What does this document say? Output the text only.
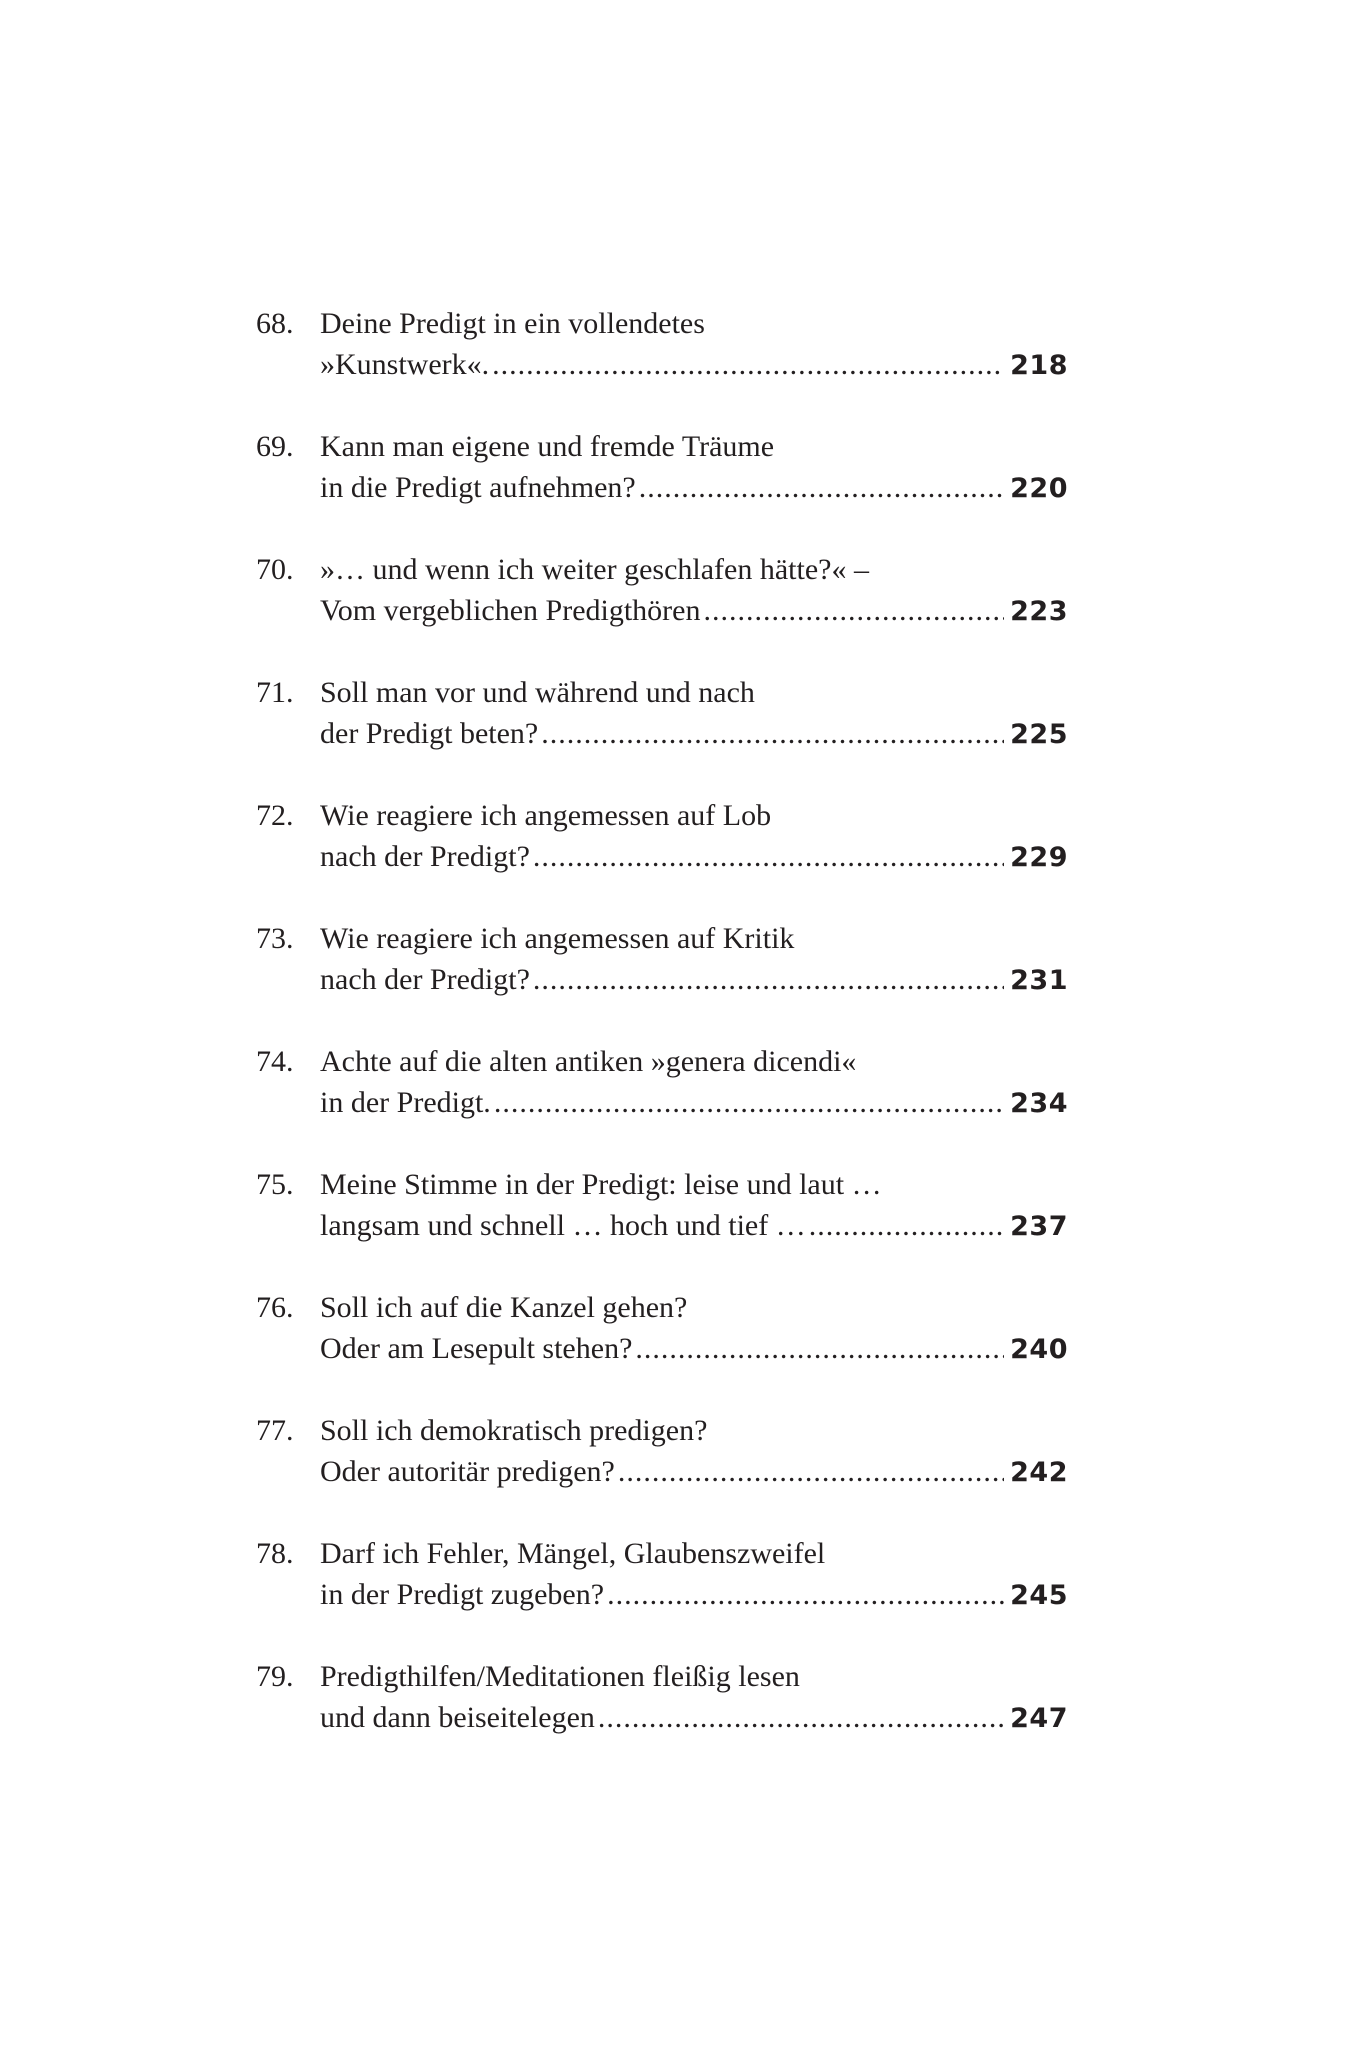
68. Deine Predigt in ein vollendetes
»Kunstwerk«. .....	218
69. Kann man eigene und fremde Träume
in die Predigt aufnehmen? .....	220
70. »… und wenn ich weiter geschlafen hätte?« –
Vom vergeblichen Predigthören .....	223
71. Soll man vor und während und nach
der Predigt beten? .....	225
72. Wie reagiere ich angemessen auf Lob
nach der Predigt? .....	229
73. Wie reagiere ich angemessen auf Kritik
nach der Predigt? .....	231
74. Achte auf die alten antiken »genera dicendi«
in der Predigt. .....	234
75. Meine Stimme in der Predigt: leise und laut …
langsam und schnell … hoch und tief … .....	237
76. Soll ich auf die Kanzel gehen?
Oder am Lesepult stehen? .....	240
77. Soll ich demokratisch predigen?
Oder autoritär predigen? .....	242
78. Darf ich Fehler, Mängel, Glaubenszweifel
in der Predigt zugeben? .....	245
79. Predigthilfen/Meditationen fleißig lesen
und dann beiseitelegen .....	247
